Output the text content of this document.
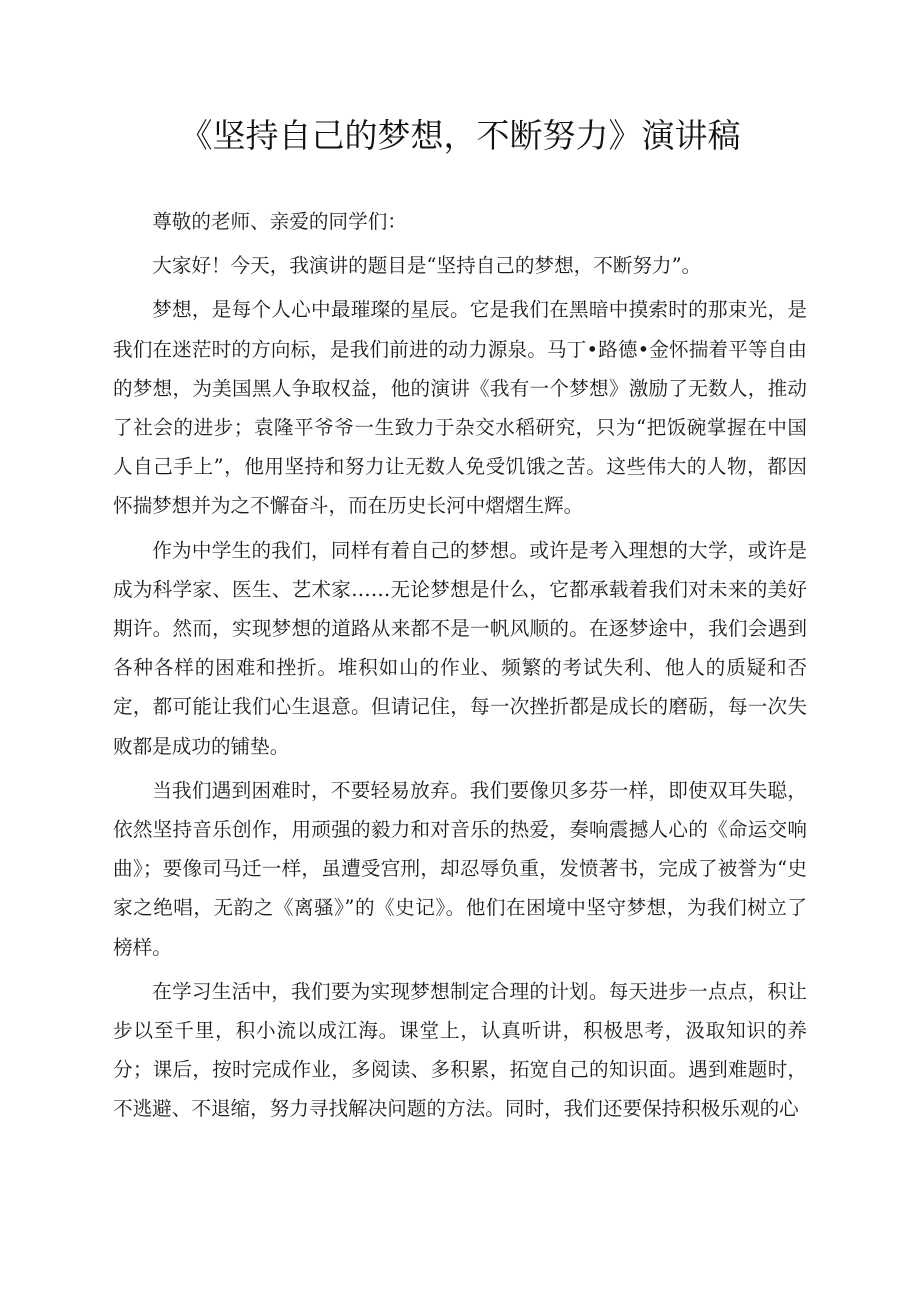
《坚持自己的梦想，不断努力》演讲稿

尊敬的老师、亲爱的同学们：

大家好！今天，我演讲的题目是“坚持自己的梦想，不断努力”。

梦想，是每个人心中最璀璨的星辰。它是我们在黑暗中摸索时的那束光，是我们在迷茫时的方向标，是我们前进的动力源泉。马丁•路德•金怀揣着平等自由的梦想，为美国黑人争取权益，他的演讲《我有一个梦想》激励了无数人，推动了社会的进步；袁隆平爷爷一生致力于杂交水稻研究，只为“把饭碗掌握在中国人自己手上”，他用坚持和努力让无数人免受饥饿之苦。这些伟大的人物，都因怀揣梦想并为之不懈奋斗，而在历史长河中熠熠生辉。

作为中学生的我们，同样有着自己的梦想。或许是考入理想的大学，或许是成为科学家、医生、艺术家……无论梦想是什么，它都承载着我们对未来的美好期许。然而，实现梦想的道路从来都不是一帆风顺的。在逐梦途中，我们会遇到各种各样的困难和挫折。堆积如山的作业、频繁的考试失利、他人的质疑和否定，都可能让我们心生退意。但请记住，每一次挫折都是成长的磨砺，每一次失败都是成功的铺垫。

当我们遇到困难时，不要轻易放弃。我们要像贝多芬一样，即使双耳失聪，依然坚持音乐创作，用顽强的毅力和对音乐的热爱，奏响震撼人心的《命运交响曲》；要像司马迁一样，虽遭受宫刑，却忍辱负重，发愤著书，完成了被誉为“史家之绝唱，无韵之《离骚》”的《史记》。他们在困境中坚守梦想，为我们树立了榜样。

在学习生活中，我们要为实现梦想制定合理的计划。每天进步一点点，积让步以至千里，积小流以成江海。课堂上，认真听讲，积极思考，汲取知识的养分；课后，按时完成作业，多阅读、多积累，拓宽自己的知识面。遇到难题时，不逃避、不退缩，努力寻找解决问题的方法。同时，我们还要保持积极乐观的心
